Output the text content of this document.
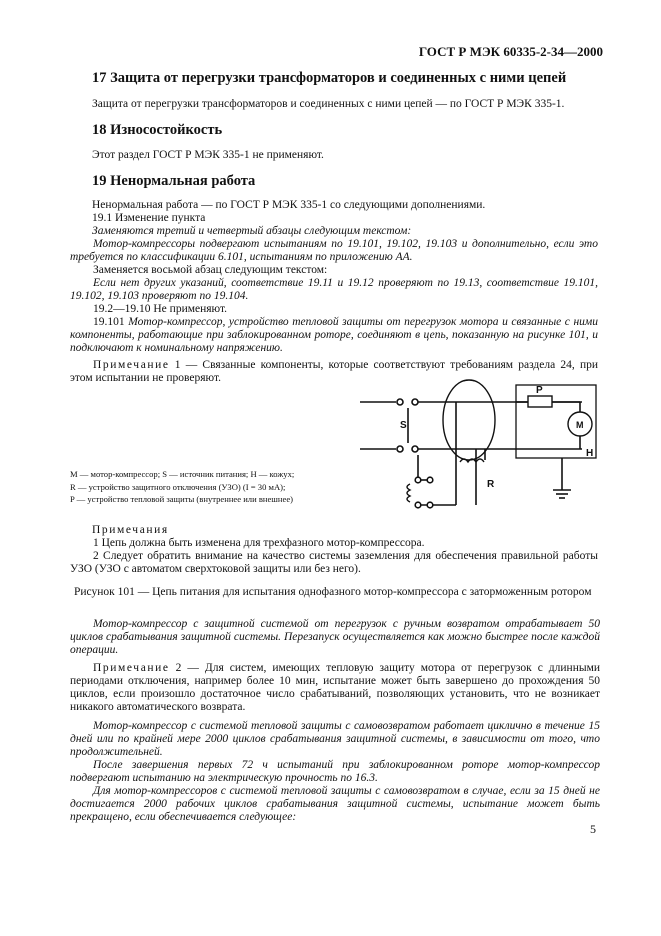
ГОСТ Р МЭК 60335-2-34—2000
17 Защита от перегрузки трансформаторов и соединенных с ними цепей
Защита от перегрузки трансформаторов и соединенных с ними цепей — по ГОСТ Р МЭК 335-1.
18 Износостойкость
Этот раздел ГОСТ Р МЭК 335-1 не применяют.
19 Ненормальная работа

Ненормальная работа — по ГОСТ Р МЭК 335-1 со следующими дополнениями.

19.1 Изменение пункта

Заменяются третий и четвертый абзацы следующим текстом:

Мотор-компрессоры подвергают испытаниям по 19.101, 19.102, 19.103 и дополнительно, если это требуется по классификации 6.101, испытаниям по приложению АА.

Заменяется восьмой абзац следующим текстом:

Если нет других указаний, соответствие 19.11 и 19.12 проверяют по 19.13, соответствие 19.101, 19.102, 19.103 проверяют по 19.104.

19.2—19.10 Не применяют.

19.101 Мотор-компрессор, устройство тепловой защиты от перегрузок мотора и связанные с ними компоненты, работающие при заблокированном роторе, соединяют в цепь, показанную на рисунке 101, и подключают к номинальному напряжению.

Примечание 1 — Связанные компоненты, которые соответствуют требованиям раздела 24, при этом испытании не проверяют.

S
P
M
H
R
M — мотор-компрессор; S — источник питания; H — кожух;
R — устройство защитного отключения (УЗО) (I = 30 мА);
P — устройство тепловой защиты (внутреннее или внешнее)
Примечания

1 Цепь должна быть изменена для трехфазного мотор-компрессора.

2 Следует обратить внимание на качество системы заземления для обеспечения правильной работы УЗО (УЗО с автоматом сверхтоковой защиты или без него).

Рисунок 101 — Цепь питания для испытания однофазного мотор-компрессора с заторможенным ротором

Мотор-компрессор с защитной системой от перегрузок с ручным возвратом отрабатывает 50 циклов срабатывания защитной системы. Перезапуск осуществляется как можно быстрее после каждой операции.

Примечание 2 — Для систем, имеющих тепловую защиту мотора от перегрузок с длинными периодами отключения, например более 10 мин, испытание может быть завершено до прохождения 50 циклов, если произошло достаточное число срабатываний, позволяющих установить, что не возникает никакого автоматического возврата.

Мотор-компрессор с системой тепловой защиты с самовозвратом работает циклично в течение 15 дней или по крайней мере 2000 циклов срабатывания защитной системы, в зависимости от того, что продолжительней.

После завершения первых 72 ч испытаний при заблокированном роторе мотор-компрессор подвергают испытанию на электрическую прочность по 16.3.

Для мотор-компрессоров с системой тепловой защиты с самовозвратом в случае, если за 15 дней не достигается 2000 рабочих циклов срабатывания защитной системы, испытание может быть прекращено, если обеспечивается следующее:

5
